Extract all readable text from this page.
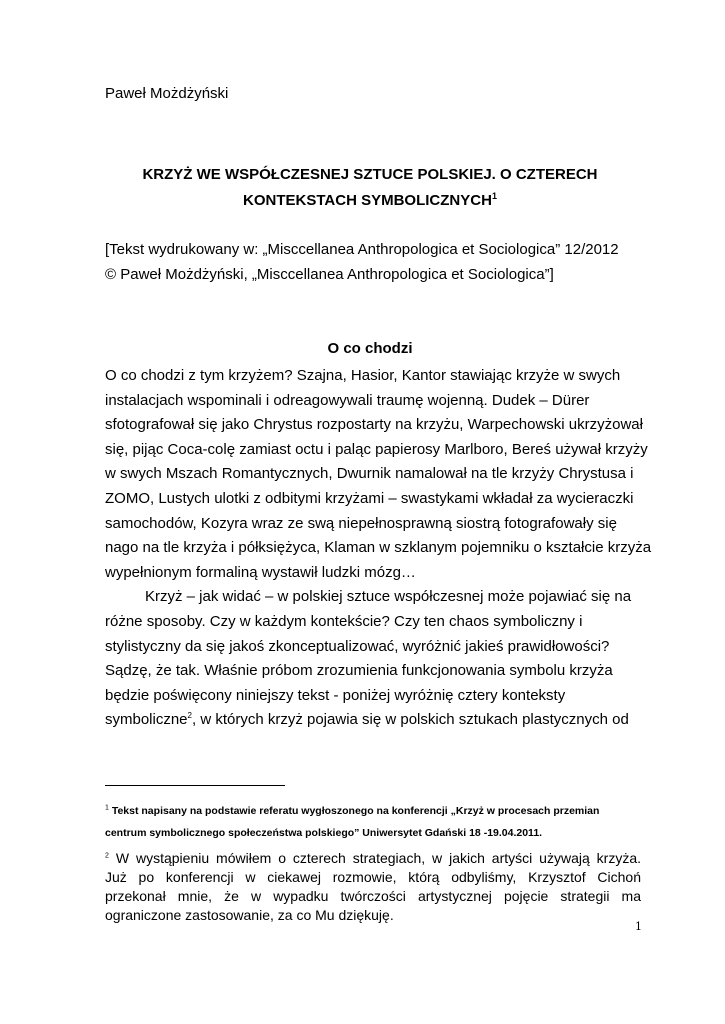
Paweł Możdżyński
KRZYŻ WE WSPÓŁCZESNEJ SZTUCE POLSKIEJ. O CZTERECH
KONTEKSTACH SYMBOLICZNYCH$^1$
[Tekst wydrukowany w: „Misccellanea Anthropologica et Sociologica” 12/2012
© Paweł Możdżyński, „Misccellanea Anthropologica et Sociologica”]
O co chodzi
O co chodzi z tym krzyżem? Szajna, Hasior, Kantor stawiając krzyże w swych
instalacjach wspominali i odreagowywali traumę wojenną. Dudek – Dürer
sfotografował się jako Chrystus rozpostarty na krzyżu, Warpechowski ukrzyżował
się, pijąc Coca-colę zamiast octu i paląc papierosy Marlboro, Bereś używał krzyży
w swych Mszach Romantycznych, Dwurnik namalował na tle krzyży Chrystusa i
ZOMO, Lustych ulotki z odbitymi krzyżami – swastykami wkładał za wycieraczki
samochodów, Kozyra wraz ze swą niepełnosprawną siostrą fotografowały się
nago na tle krzyża i półksiężyca, Klaman w szklanym pojemniku o kształcie krzyża
wypełnionym formaliną wystawił ludzki mózg…
Krzyż – jak widać – w polskiej sztuce współczesnej może pojawiać się na
różne sposoby. Czy w każdym kontekście? Czy ten chaos symboliczny i
stylistyczny da się jakoś zkonceptualizować, wyróżnić jakieś prawidłowości?
Sądzę, że tak. Właśnie próbom zrozumienia funkcjonowania symbolu krzyża
będzie poświęcony niniejszy tekst - poniżej wyróżnię cztery konteksty
symboliczne$^2$, w których krzyż pojawia się w polskich sztukach plastycznych od
$^1$ Tekst napisany na podstawie referatu wygłoszonego na konferencji „Krzyż w procesach przemian
centrum symbolicznego społeczeństwa polskiego” Uniwersytet Gdański 18 -19.04.2011.
$^2$ W wystąpieniu mówiłem o czterech strategiach, w jakich artyści używają krzyża.
Już po konferencji w ciekawej rozmowie, którą odbyliśmy, Krzysztof Cichoń
przekonał mnie, że w wypadku twórczości artystycznej pojęcie strategii ma
ograniczone zastosowanie, za co Mu dziękuję.
1
